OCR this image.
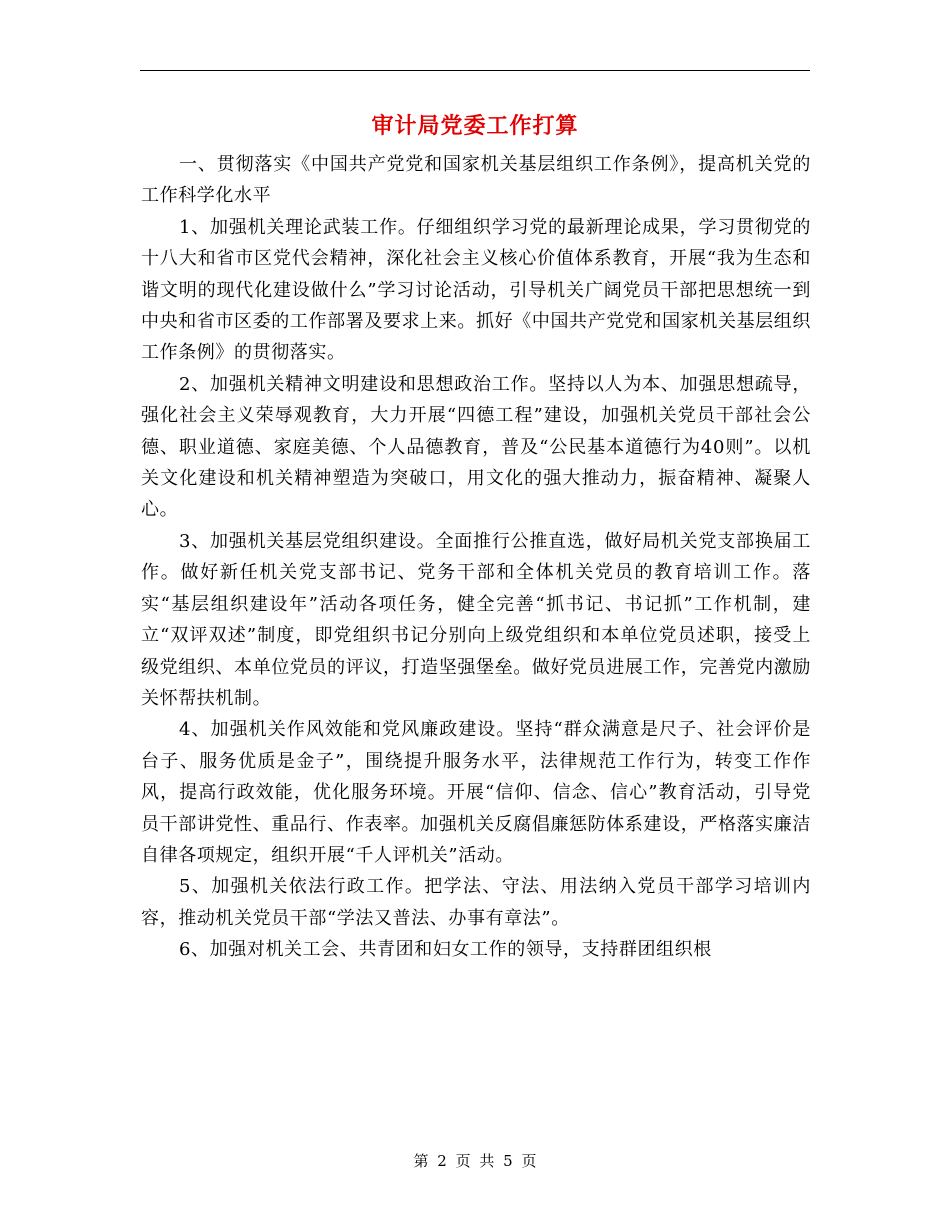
审计局党委工作打算

一、贯彻落实《中国共产党党和国家机关基层组织工作条例》，提高机关党的工作科学化水平

1、加强机关理论武装工作。仔细组织学习党的最新理论成果，学习贯彻党的十八大和省市区党代会精神，深化社会主义核心价值体系教育，开展“我为生态和谐文明的现代化建设做什么”学习讨论活动，引导机关广阔党员干部把思想统一到中央和省市区委的工作部署及要求上来。抓好《中国共产党党和国家机关基层组织工作条例》的贯彻落实。

2、加强机关精神文明建设和思想政治工作。坚持以人为本、加强思想疏导，强化社会主义荣辱观教育，大力开展“四德工程”建设，加强机关党员干部社会公德、职业道德、家庭美德、个人品德教育，普及“公民基本道德行为40则”。以机关文化建设和机关精神塑造为突破口，用文化的强大推动力，振奋精神、凝聚人心。

3、加强机关基层党组织建设。全面推行公推直选，做好局机关党支部换届工作。做好新任机关党支部书记、党务干部和全体机关党员的教育培训工作。落实“基层组织建设年”活动各项任务，健全完善“抓书记、书记抓”工作机制，建立“双评双述”制度，即党组织书记分别向上级党组织和本单位党员述职，接受上级党组织、本单位党员的评议，打造坚强堡垒。做好党员进展工作，完善党内激励关怀帮扶机制。

4、加强机关作风效能和党风廉政建设。坚持“群众满意是尺子、社会评价是台子、服务优质是金子”，围绕提升服务水平，法律规范工作行为，转变工作作风，提高行政效能，优化服务环境。开展“信仰、信念、信心”教育活动，引导党员干部讲党性、重品行、作表率。加强机关反腐倡廉惩防体系建设，严格落实廉洁自律各项规定，组织开展“千人评机关”活动。

5、加强机关依法行政工作。把学法、守法、用法纳入党员干部学习培训内容，推动机关党员干部“学法又普法、办事有章法”。

6、加强对机关工会、共青团和妇女工作的领导，支持群团组织根

第 2 页 共 5 页
